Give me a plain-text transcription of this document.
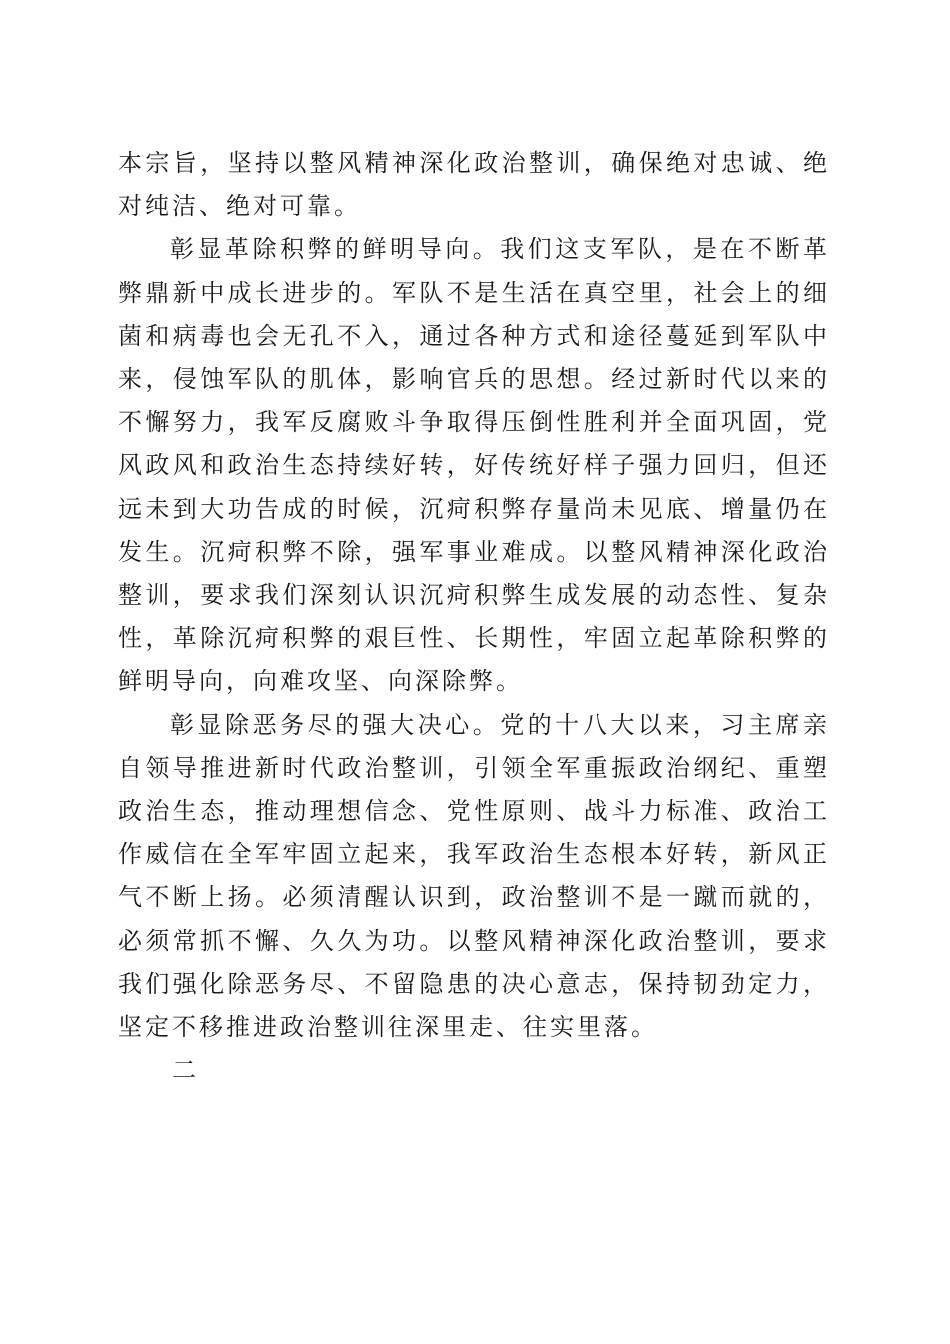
本宗旨，坚持以整风精神深化政治整训，确保绝对忠诚、绝对纯洁、绝对可靠。

彰显革除积弊的鲜明导向。我们这支军队，是在不断革弊鼎新中成长进步的。军队不是生活在真空里，社会上的细菌和病毒也会无孔不入，通过各种方式和途径蔓延到军队中来，侵蚀军队的肌体，影响官兵的思想。经过新时代以来的不懈努力，我军反腐败斗争取得压倒性胜利并全面巩固，党风政风和政治生态持续好转，好传统好样子强力回归，但还远未到大功告成的时候，沉疴积弊存量尚未见底、增量仍在发生。沉疴积弊不除，强军事业难成。以整风精神深化政治整训，要求我们深刻认识沉疴积弊生成发展的动态性、复杂性，革除沉疴积弊的艰巨性、长期性，牢固立起革除积弊的鲜明导向，向难攻坚、向深除弊。

彰显除恶务尽的强大决心。党的十八大以来，习主席亲自领导推进新时代政治整训，引领全军重振政治纲纪、重塑政治生态，推动理想信念、党性原则、战斗力标准、政治工作威信在全军牢固立起来，我军政治生态根本好转，新风正气不断上扬。必须清醒认识到，政治整训不是一蹴而就的，必须常抓不懈、久久为功。以整风精神深化政治整训，要求我们强化除恶务尽、不留隐患的决心意志，保持韧劲定力，坚定不移推进政治整训往深里走、往实里落。

二
